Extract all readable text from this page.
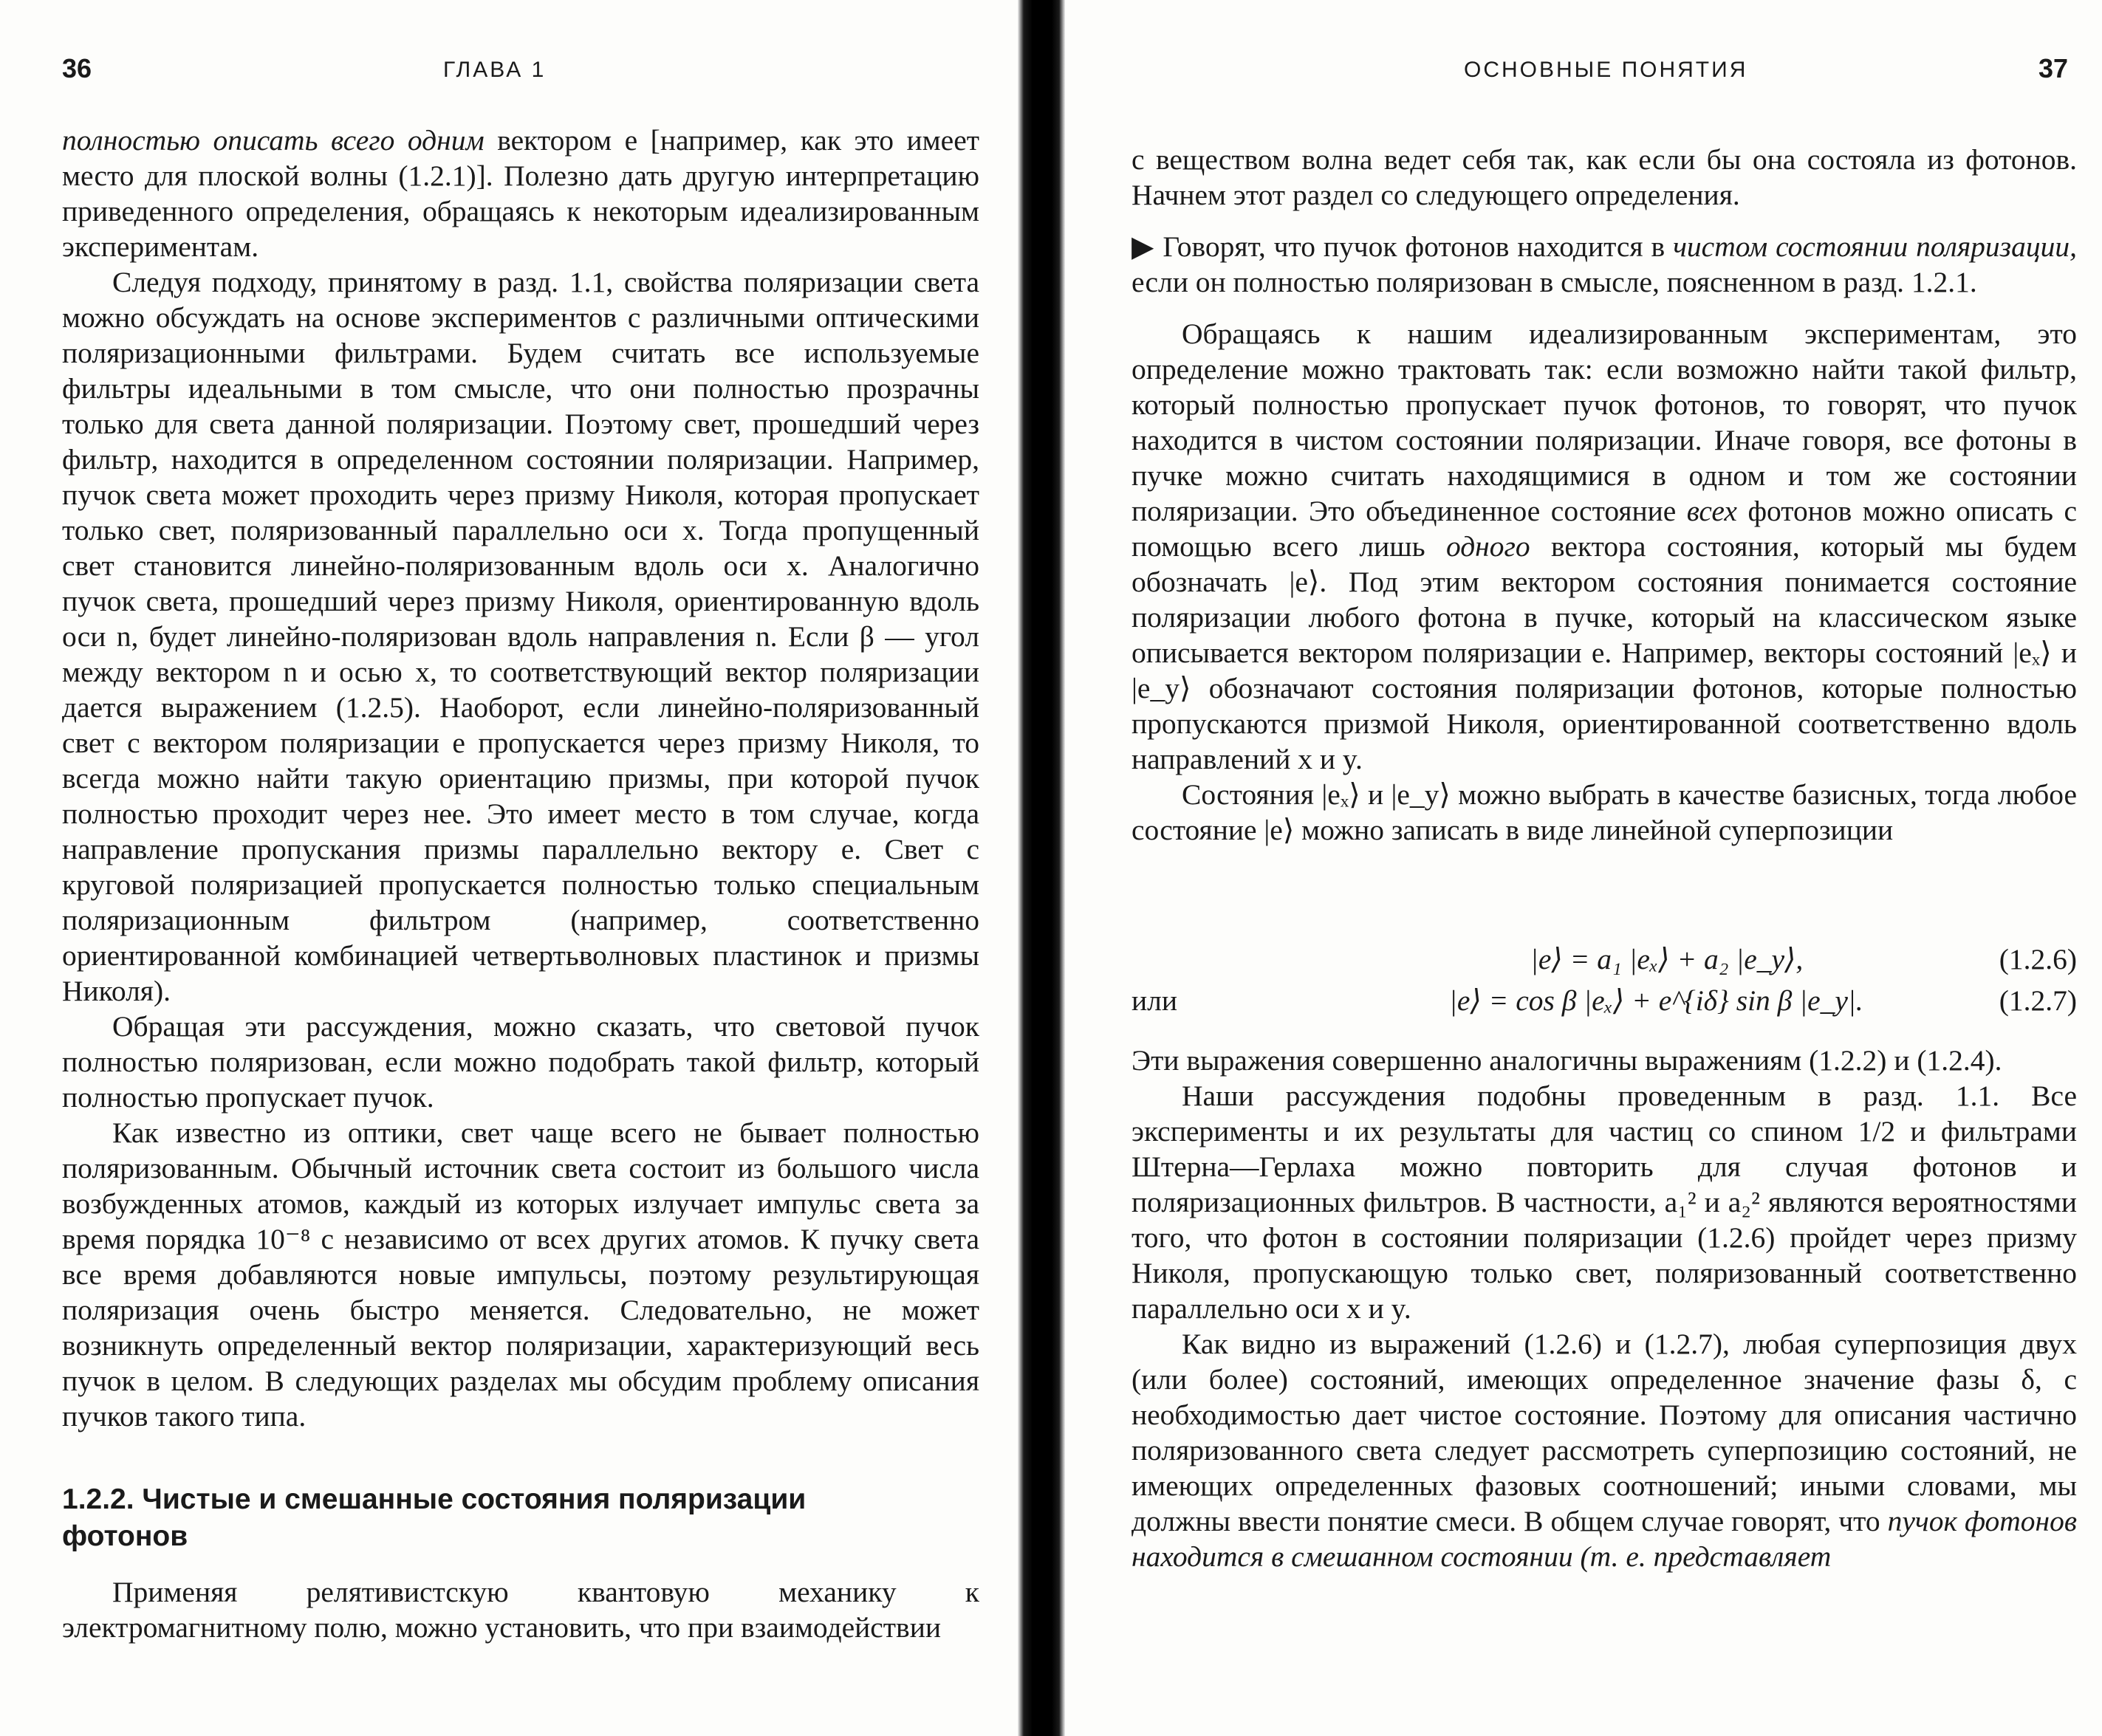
36	ГЛАВА 1

полностью описать всего одним вектором e [например, как это имеет место для плоской волны (1.2.1)]. Полезно дать другую интерпретацию приведенного определения, обращаясь к некоторым идеализированным экспериментам.

Следуя подходу, принятому в разд. 1.1, свойства поляризации света можно обсуждать на основе экспериментов с различными оптическими поляризационными фильтрами. Будем считать все используемые фильтры идеальными в том смысле, что они полностью прозрачны только для света данной поляризации. Поэтому свет, прошедший через фильтр, находится в определенном состоянии поляризации. Например, пучок света может проходить через призму Николя, которая пропускает только свет, поляризованный параллельно оси x. Тогда пропущенный свет становится линейно-поляризованным вдоль оси x. Аналогично пучок света, прошедший через призму Николя, ориентированную вдоль оси n, будет линейно-поляризован вдоль направления n. Если β — угол между вектором n и осью x, то соответствующий вектор поляризации дается выражением (1.2.5). Наоборот, если линейно-поляризованный свет с вектором поляризации e пропускается через призму Николя, то всегда можно найти такую ориентацию призмы, при которой пучок полностью проходит через нее. Это имеет место в том случае, когда направление пропускания призмы параллельно вектору e. Свет с круговой поляризацией пропускается полностью только специальным поляризационным фильтром (например, соответственно ориентированной комбинацией четвертьволновых пластинок и призмы Николя).

Обращая эти рассуждения, можно сказать, что световой пучок полностью поляризован, если можно подобрать такой фильтр, который полностью пропускает пучок.

Как известно из оптики, свет чаще всего не бывает полностью поляризованным. Обычный источник света состоит из большого числа возбужденных атомов, каждый из которых излучает импульс света за время порядка 10⁻⁸ с независимо от всех других атомов. К пучку света все время добавляются новые импульсы, поэтому результирующая поляризация очень быстро меняется. Следовательно, не может возникнуть определенный вектор поляризации, характеризующий весь пучок в целом. В следующих разделах мы обсудим проблему описания пучков такого типа.

1.2.2. Чистые и смешанные состояния поляризации фотонов

Применяя релятивистскую квантовую механику к электромагнитному полю, можно установить, что при взаимодействии

ОСНОВНЫЕ ПОНЯТИЯ	37

с веществом волна ведет себя так, как если бы она состояла из фотонов. Начнем этот раздел со следующего определения.

▶ Говорят, что пучок фотонов находится в чистом состоянии поляризации, если он полностью поляризован в смысле, поясненном в разд. 1.2.1.

Обращаясь к нашим идеализированным экспериментам, это определение можно трактовать так: если возможно найти такой фильтр, который полностью пропускает пучок фотонов, то говорят, что пучок находится в чистом состоянии поляризации. Иначе говоря, все фотоны в пучке можно считать находящимися в одном и том же состоянии поляризации. Это объединенное состояние всех фотонов можно описать с помощью всего лишь одного вектора состояния, который мы будем обозначать |e⟩. Под этим вектором состояния понимается состояние поляризации любого фотона в пучке, который на классическом языке описывается вектором поляризации e. Например, векторы состояний |eₓ⟩ и |e_y⟩ обозначают состояния поляризации фотонов, которые полностью пропускаются призмой Николя, ориентированной соответственно вдоль направлений x и y.

Состояния |eₓ⟩ и |e_y⟩ можно выбрать в качестве базисных, тогда любое состояние |e⟩ можно записать в виде линейной суперпозиции

|e⟩ = a₁ |eₓ⟩ + a₂ |e_y⟩,	(1.2.6)
или	|e⟩ = cos β |eₓ⟩ + e^{iδ} sin β |e_y|.	(1.2.7)

Эти выражения совершенно аналогичны выражениям (1.2.2) и (1.2.4).

Наши рассуждения подобны проведенным в разд. 1.1. Все эксперименты и их результаты для частиц со спином 1/2 и фильтрами Штерна—Герлаха можно повторить для случая фотонов и поляризационных фильтров. В частности, a₁² и a₂² являются вероятностями того, что фотон в состоянии поляризации (1.2.6) пройдет через призму Николя, пропускающую только свет, поляризованный соответственно параллельно оси x и y.

Как видно из выражений (1.2.6) и (1.2.7), любая суперпозиция двух (или более) состояний, имеющих определенное значение фазы δ, с необходимостью дает чистое состояние. Поэтому для описания частично поляризованного света следует рассмотреть суперпозицию состояний, не имеющих определенных фазовых соотношений; иными словами, мы должны ввести понятие смеси. В общем случае говорят, что пучок фотонов находится в смешанном состоянии (т. е. представляет
